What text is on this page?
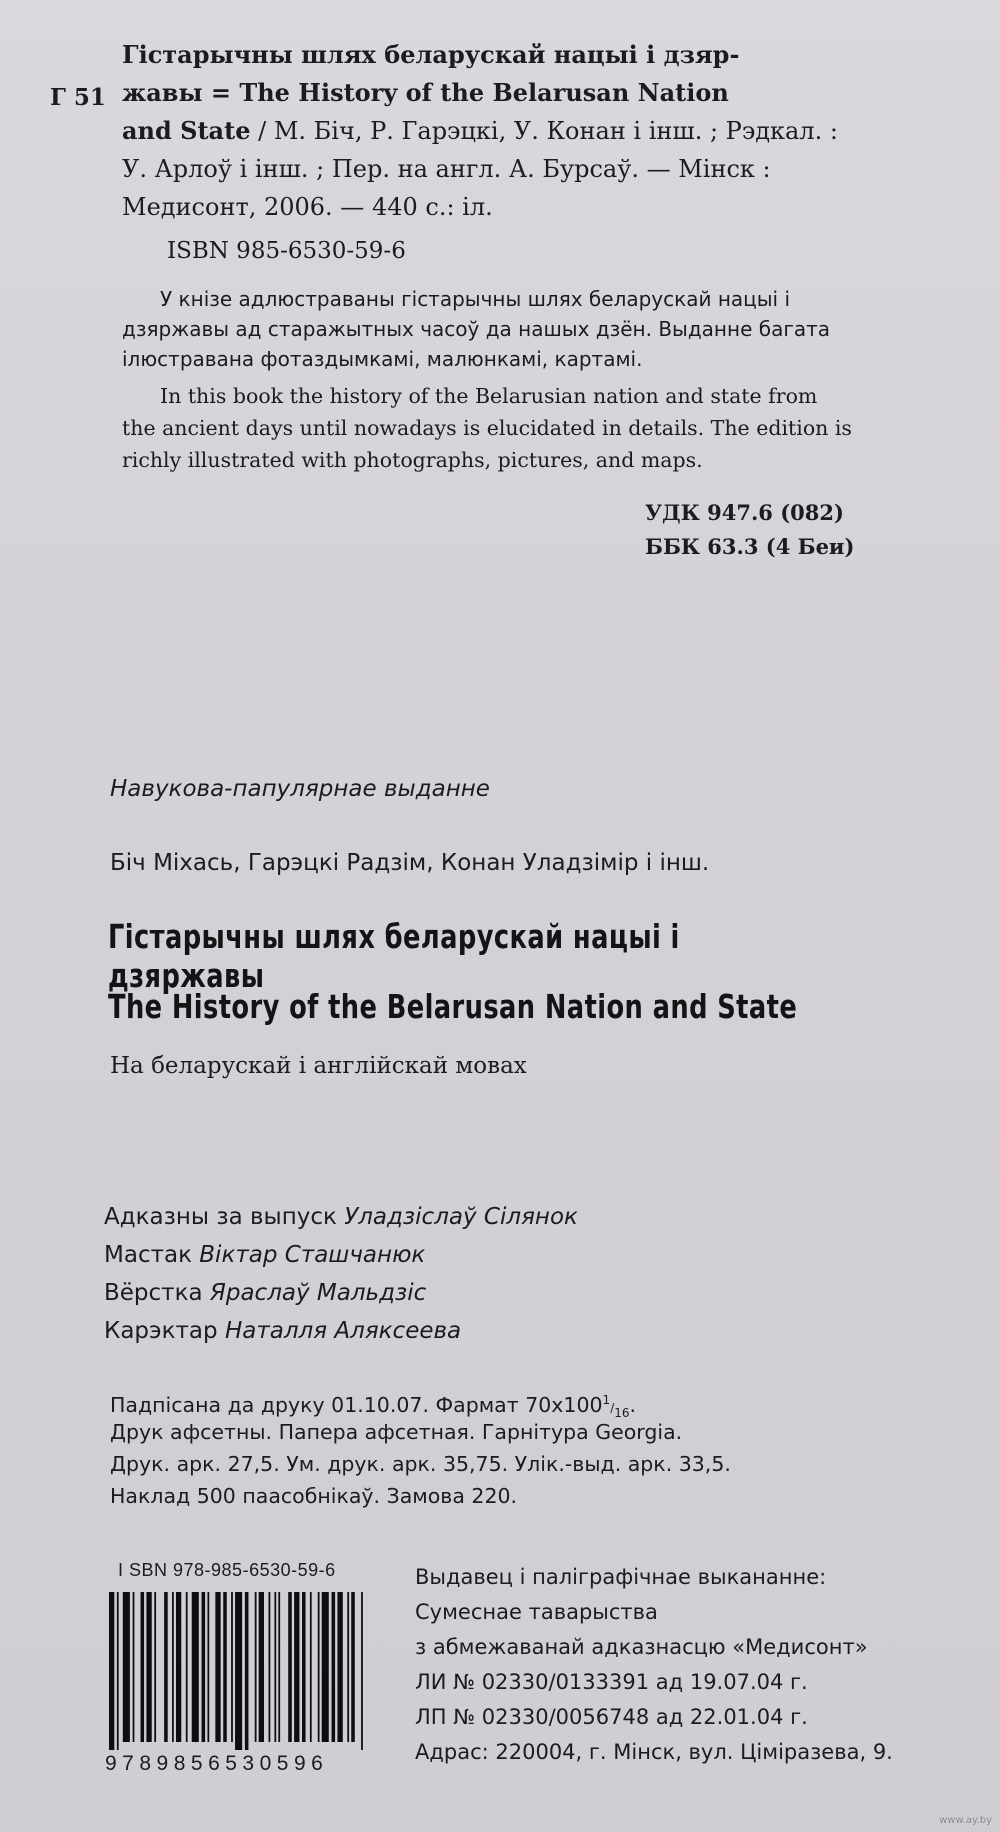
Г 51
Гістарычны шлях беларускай нацыі і дзяр-
жавы = The History of the Belarusan Nation
and State / М. Біч, Р. Гарэцкі, У. Конан і інш. ; Рэдкал. :
У. Арлоў і інш. ; Пер. на англ. А. Бурсаў. — Мінск :
Медисонт, 2006. — 440 с.: іл.
ISBN 985-6530-59-6
У кнізе адлюстраваны гістарычны шлях беларускай нацыі і
дзяржавы ад старажытных часоў да нашых дзён. Выданне багата
ілюстравана фотаздымкамі, малюнкамі, картамі.
In this book the history of the Belarusian nation and state from
the ancient days until nowadays is elucidated in details. The edition is
richly illustrated with photographs, pictures, and maps.
УДК 947.6 (082)
ББК 63.3 (4 Беи)
Навукова-папулярнае выданне
Біч Міхась, Гарэцкі Радзім, Конан Уладзімір і інш.
Гістарычны шлях беларускай нацыі і дзяржавы
The History of the Belarusan Nation and State
На беларускай і англійскай мовах
Адказны за выпуск Уладзіслаў Сілянок
Мастак Віктар Сташчанюк
Вёрстка Яраслаў Мальдзіс
Карэктар Наталля Аляксеева
Падпісана да друку 01.10.07. Фармат $70х100^1/_{16}$.
Друк афсетны. Папера афсетная. Гарнітура Georgia.
Друк. арк. 27,5. Ум. друк. арк. 35,75. Улік.-выд. арк. 33,5.
Наклад 500 паасобнікаў. Замова 220.
I SBN 978-985-6530-59-6
9789856530596
Выдавец і паліграфічнае выкананне:
Сумеснае таварыства
з абмежаванай адказнасцю «Медисонт»
ЛИ № 02330/0133391 ад 19.07.04 г.
ЛП № 02330/0056748 ад 22.01.04 г.
Адрас: 220004, г. Мінск, вул. Ціміразева, 9.
www.ay.by
